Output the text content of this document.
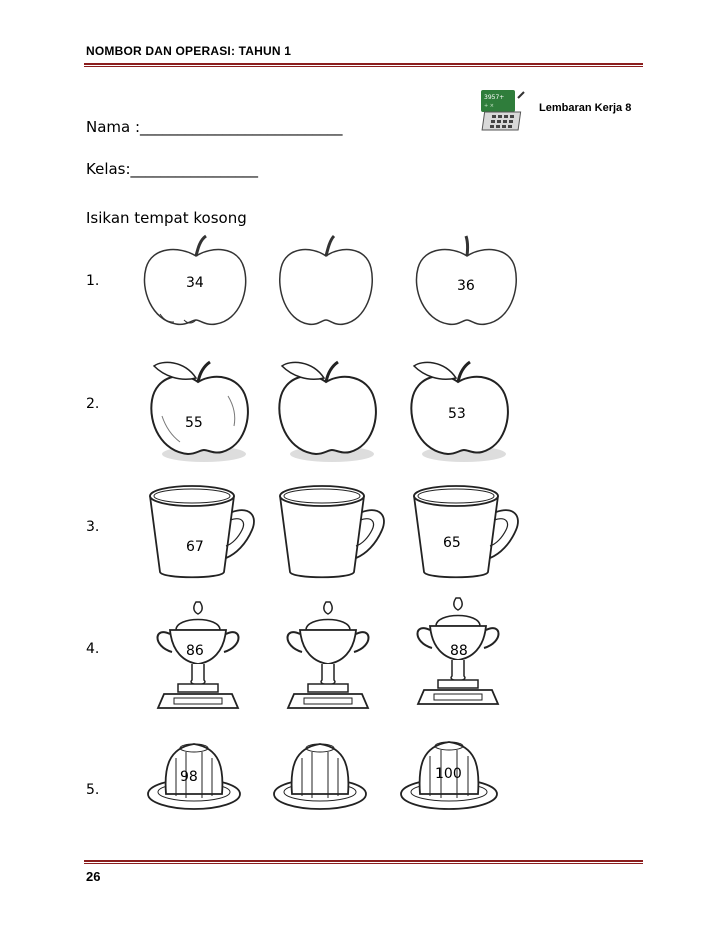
NOMBOR DAN OPERASI: TAHUN 1
3957+
+ ×	Lembaran Kerja 8
Nama :___________________________
Kelas:_________________
Isikan tempat kosong
1.	34	36
2.
55
53
3.
67	65
4.	86	88
5.
98	100
26
